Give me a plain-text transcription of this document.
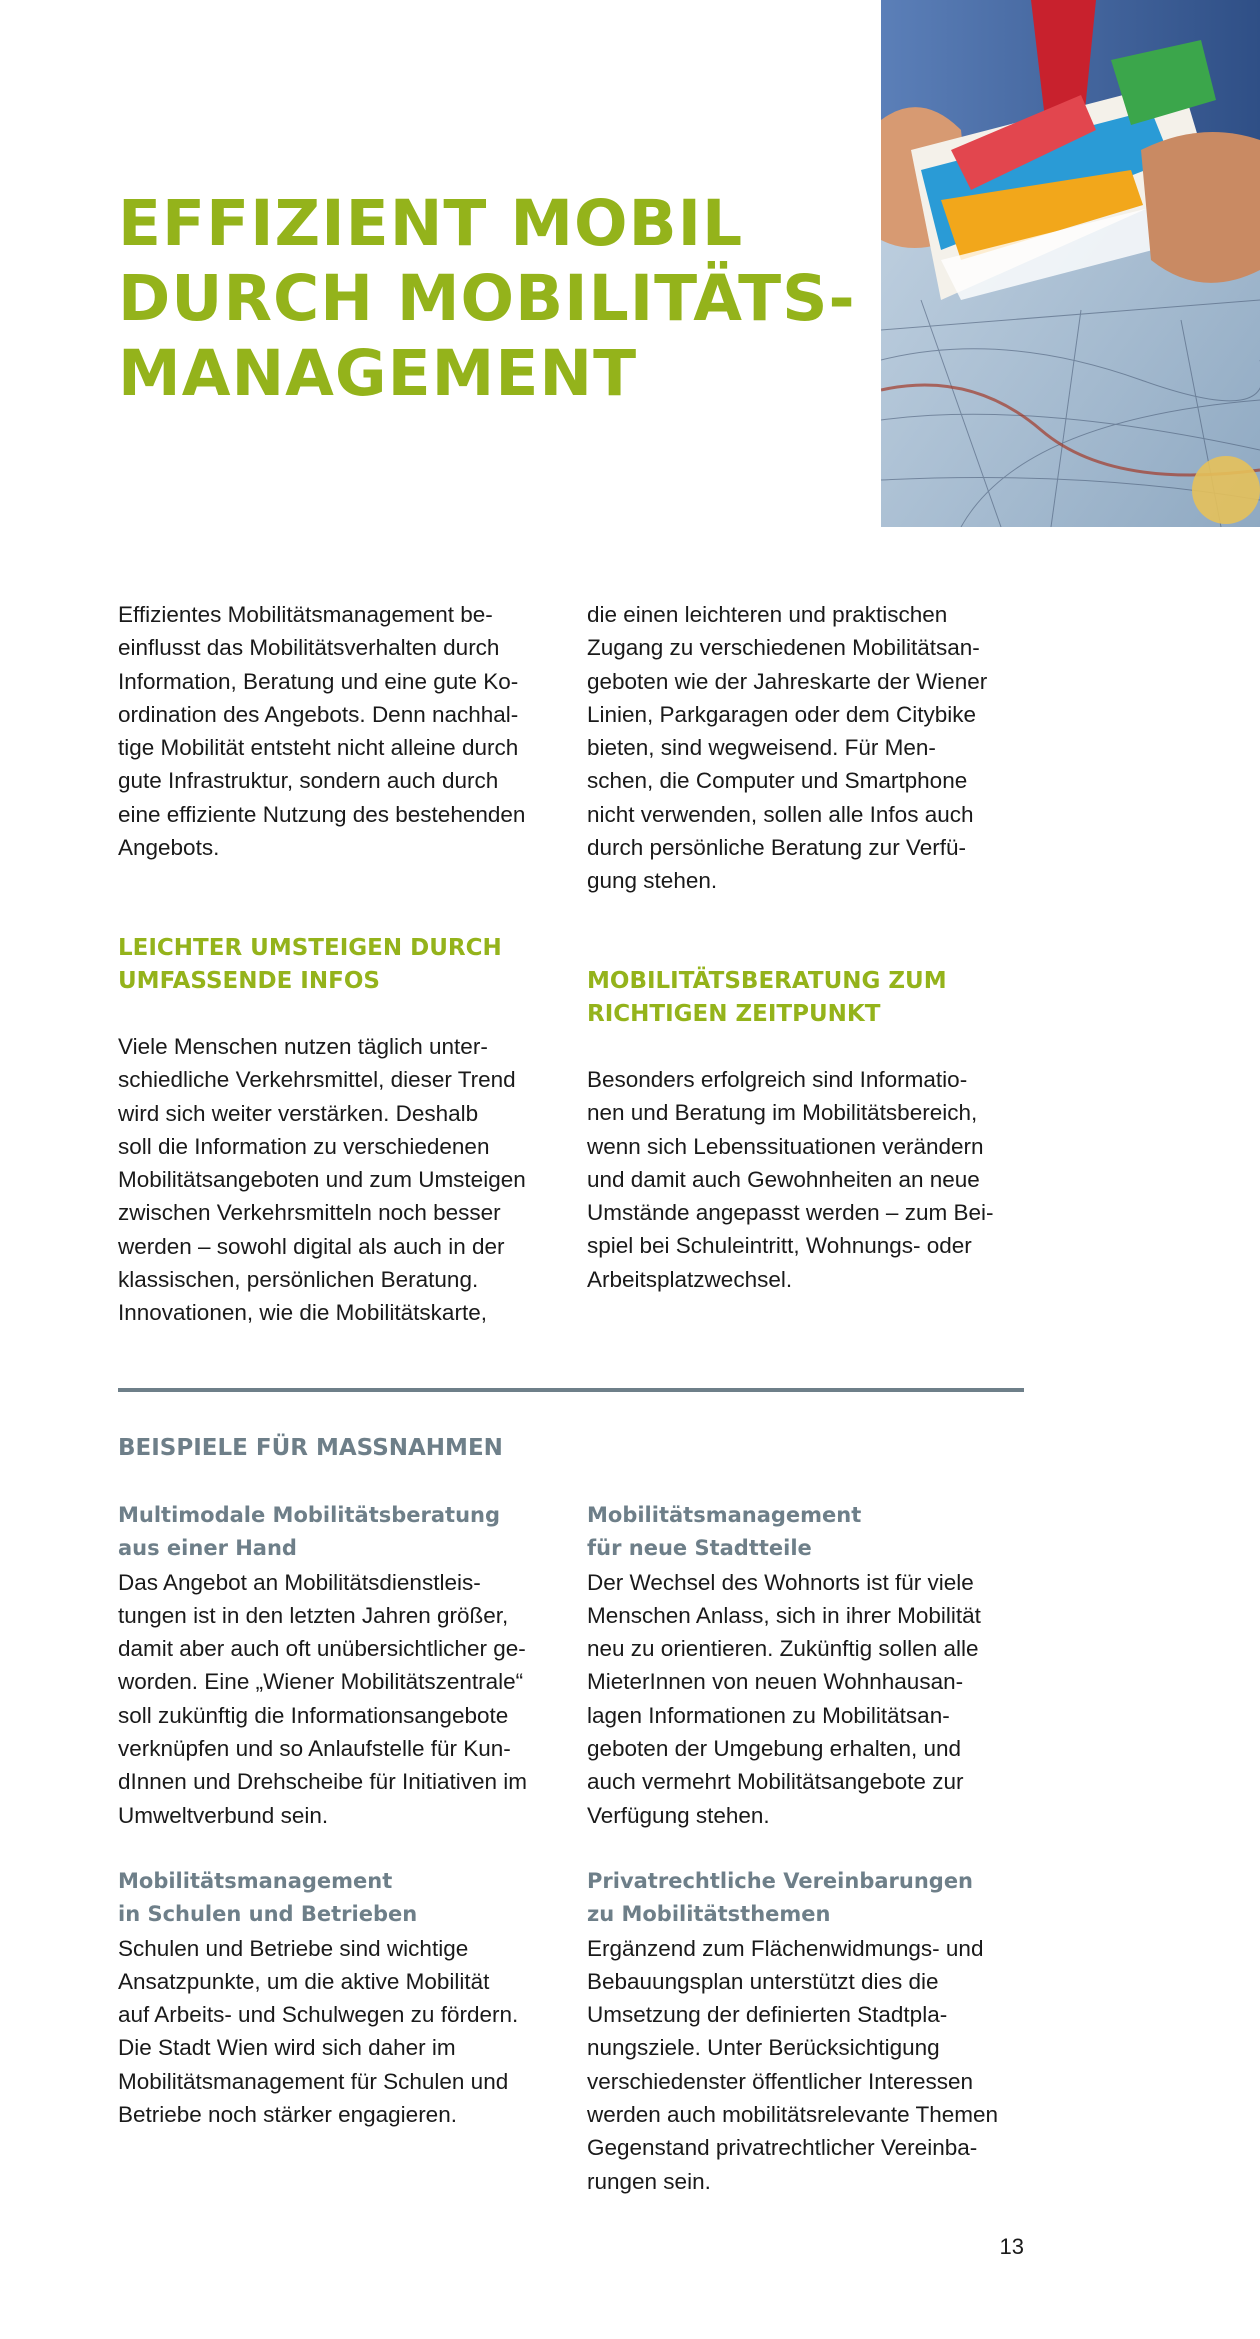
EFFIZIENT MOBIL
DURCH MOBILITÄTS-
MANAGEMENT

Effizientes Mobilitätsmanagement be-
einflusst das Mobilitätsverhalten durch
Information, Beratung und eine gute Ko-
ordination des Angebots. Denn nachhal-
tige Mobilität entsteht nicht alleine durch
gute Infrastruktur, sondern auch durch
eine effiziente Nutzung des bestehenden
Angebots.

die einen leichteren und praktischen
Zugang zu verschiedenen Mobilitätsan-
geboten wie der Jahreskarte der Wiener
Linien, Parkgaragen oder dem Citybike
bieten, sind wegweisend. Für Men-
schen, die Computer und Smartphone
nicht verwenden, sollen alle Infos auch
durch persönliche Beratung zur Verfü-
gung stehen.

LEICHTER UMSTEIGEN DURCH
UMFASSENDE INFOS

Viele Menschen nutzen täglich unter-
schiedliche Verkehrsmittel, dieser Trend
wird sich weiter verstärken. Deshalb
soll die Information zu verschiedenen
Mobilitätsangeboten und zum Umsteigen
zwischen Verkehrsmitteln noch besser
werden – sowohl digital als auch in der
klassischen, persönlichen Beratung.
Innovationen, wie die Mobilitätskarte,

MOBILITÄTSBERATUNG ZUM
RICHTIGEN ZEITPUNKT

Besonders erfolgreich sind Informatio-
nen und Beratung im Mobilitätsbereich,
wenn sich Lebenssituationen verändern
und damit auch Gewohnheiten an neue
Umstände angepasst werden – zum Bei-
spiel bei Schuleintritt, Wohnungs- oder
Arbeitsplatzwechsel.

BEISPIELE FÜR MASSNAHMEN
Multimodale Mobilitätsberatung
aus einer Hand

Das Angebot an Mobilitätsdienstleis-
tungen ist in den letzten Jahren größer,
damit aber auch oft unübersichtlicher ge-
worden. Eine „Wiener Mobilitätszentrale“
soll zukünftig die Informationsangebote
verknüpfen und so Anlaufstelle für Kun-
dInnen und Drehscheibe für Initiativen im
Umweltverbund sein.

Mobilitätsmanagement
für neue Stadtteile

Der Wechsel des Wohnorts ist für viele
Menschen Anlass, sich in ihrer Mobilität
neu zu orientieren. Zukünftig sollen alle
MieterInnen von neuen Wohnhausan-
lagen Informationen zu Mobilitätsan-
geboten der Umgebung erhalten, und
auch vermehrt Mobilitätsangebote zur
Verfügung stehen.

Mobilitätsmanagement
in Schulen und Betrieben

Schulen und Betriebe sind wichtige
Ansatzpunkte, um die aktive Mobilität
auf Arbeits- und Schulwegen zu fördern.
Die Stadt Wien wird sich daher im
Mobilitätsmanagement für Schulen und
Betriebe noch stärker engagieren.

Privatrechtliche Vereinbarungen
zu Mobilitätsthemen

Ergänzend zum Flächenwidmungs- und
Bebauungsplan unterstützt dies die
Umsetzung der definierten Stadtpla-
nungsziele. Unter Berücksichtigung
verschiedenster öffentlicher Interessen
werden auch mobilitätsrelevante Themen
Gegenstand privatrechtlicher Vereinba-
rungen sein.

13
